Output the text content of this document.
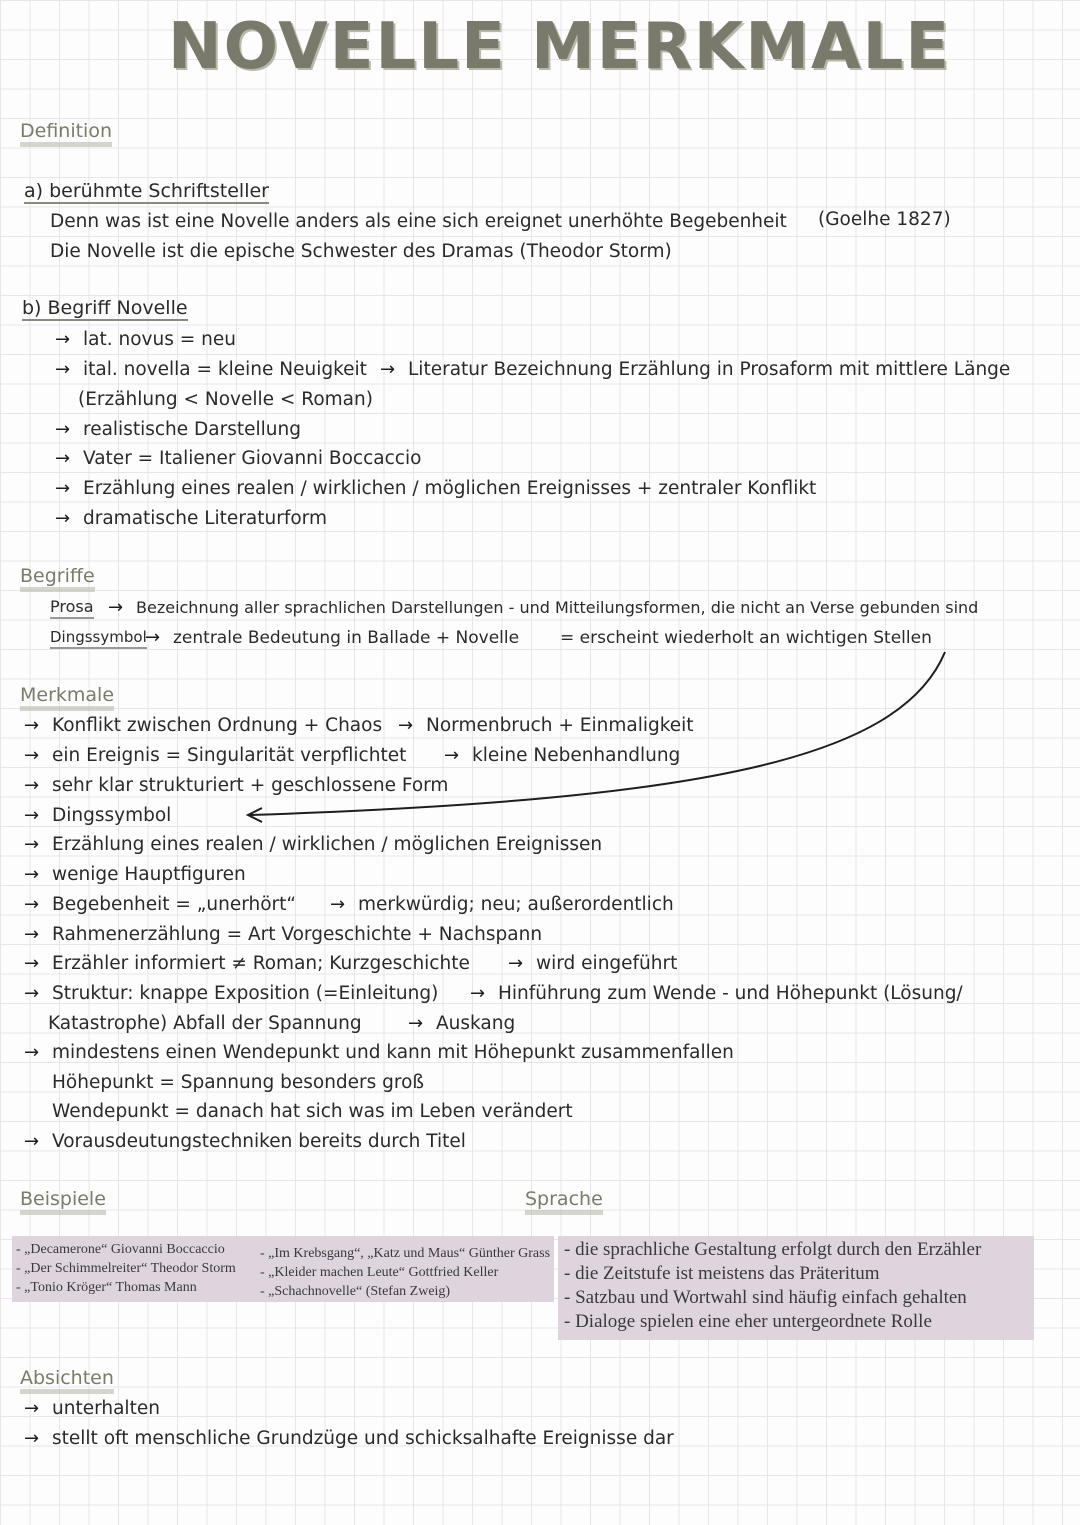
NOVELLE MERKMALE
Definition
a) berühmte Schriftsteller
Denn was ist eine Novelle anders als eine sich ereignet unerhöhte Begebenheit (Goelhe 1827)
Die Novelle ist die epische Schwester des Dramas (Theodor Storm)
b) Begriff Novelle
→ lat. novus = neu
→ ital. novella = kleine Neuigkeit → Literatur Bezeichnung Erzählung in Prosaform mit mittlere Länge
(Erzählung < Novelle < Roman)
→ realistische Darstellung
→ Vater = Italiener Giovanni Boccaccio
→ Erzählung eines realen / wirklichen / möglichen Ereignisses + zentraler Konflikt
→ dramatische Literaturform
Begriffe
Prosa → Bezeichnung aller sprachlichen Darstellungen - und Mitteilungsformen, die nicht an Verse gebunden sind
Dingssymbol
→ zentrale Bedeutung in Ballade + Novelle = erscheint wiederholt an wichtigen Stellen
Merkmale
→ Konflikt zwischen Ordnung + Chaos → Normenbruch + Einmaligkeit
→ ein Ereignis = Singularität verpflichtet → kleine Nebenhandlung
→ sehr klar strukturiert + geschlossene Form
→ Dingssymbol
→ Erzählung eines realen / wirklichen / möglichen Ereignissen
→ wenige Hauptfiguren
→ Begebenheit = „unerhört“ → merkwürdig; neu; außerordentlich
→ Rahmenerzählung = Art Vorgeschichte + Nachspann
→ Erzähler informiert ≠ Roman; Kurzgeschichte → wird eingeführt
→ Struktur: knappe Exposition (=Einleitung) → Hinführung zum Wende - und Höhepunkt (Lösung/
Katastrophe) Abfall der Spannung	→ Auskang
→ mindestens einen Wendepunkt und kann mit Höhepunkt zusammenfallen
Höhepunkt = Spannung besonders groß
Wendepunkt = danach hat sich was im Leben verändert
→ Vorausdeutungstechniken bereits durch Titel
Beispiele	Sprache
- „Decamerone“ Giovanni Boccaccio
- „Der Schimmelreiter“ Theodor Storm
- „Tonio Kröger“ Thomas Mann
- „Im Krebsgang“, „Katz und Maus“ Günther Grass
- „Kleider machen Leute“ Gottfried Keller
- „Schachnovelle“ (Stefan Zweig)
- die sprachliche Gestaltung erfolgt durch den Erzähler
- die Zeitstufe ist meistens das Präteritum
- Satzbau und Wortwahl sind häufig einfach gehalten
- Dialoge spielen eine eher untergeordnete Rolle
Absichten
→ unterhalten
→ stellt oft menschliche Grundzüge und schicksalhafte Ereignisse dar
